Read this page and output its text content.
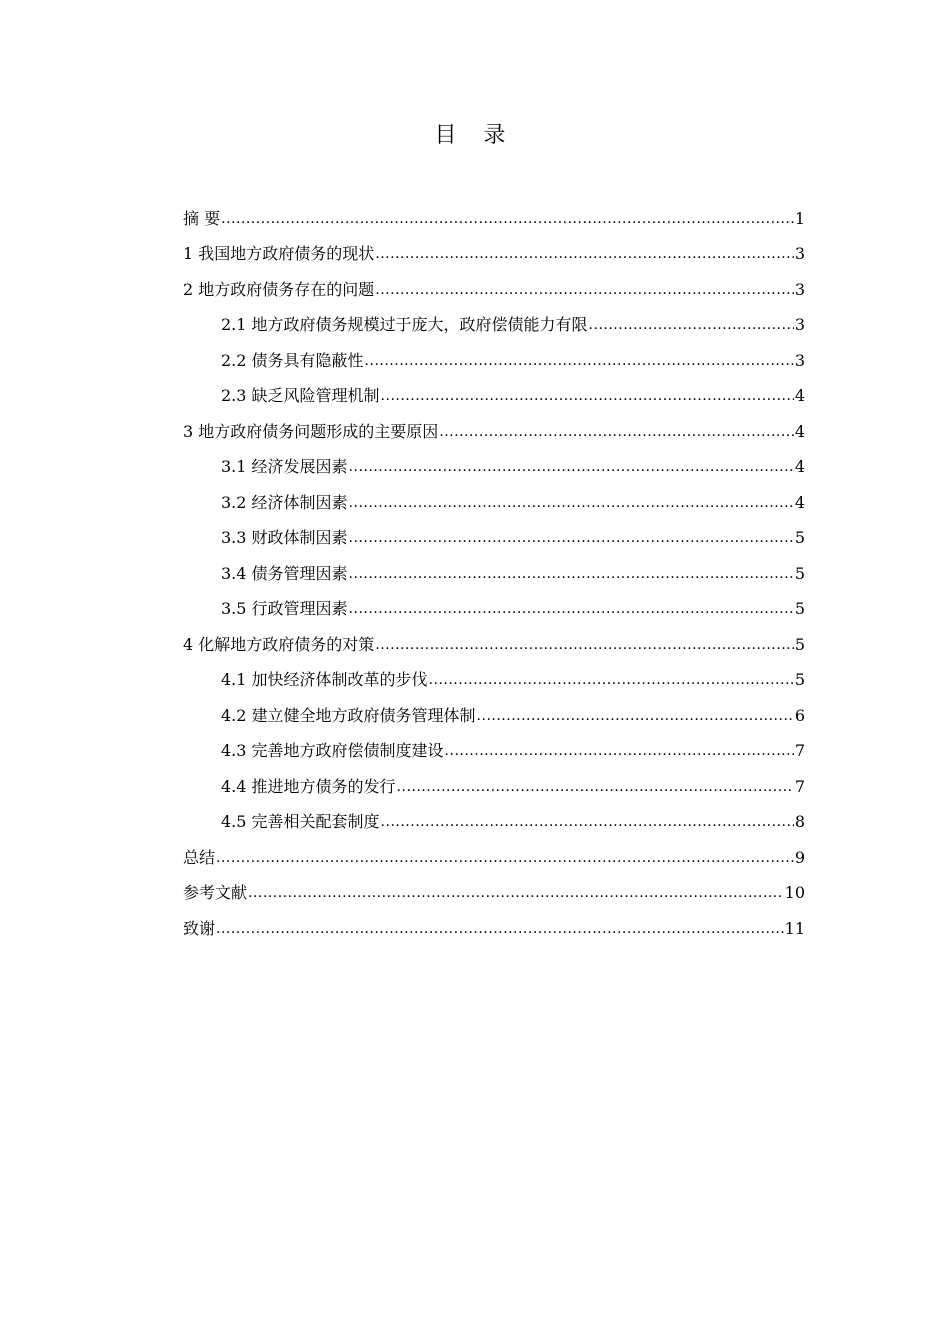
目 录
摘 要 .....	1
1 我国地方政府债务的现状 .....	3
2 地方政府债务存在的问题 .....	3
2.1 地方政府债务规模过于庞大，政府偿债能力有限 .....	3
2.2 债务具有隐蔽性 .....	3
2.3 缺乏风险管理机制 .....	4
3 地方政府债务问题形成的主要原因 .....	4
3.1 经济发展因素 .....	4
3.2 经济体制因素 .....	4
3.3 财政体制因素 .....	5
3.4 债务管理因素 .....	5
3.5 行政管理因素 .....	5
4 化解地方政府债务的对策 .....	5
4.1 加快经济体制改革的步伐 .....	5
4.2 建立健全地方政府债务管理体制 .....	6
4.3 完善地方政府偿债制度建设 .....	7
4.4 推进地方债务的发行 .....	7
4.5 完善相关配套制度 .....	8
总结 .....	9
参考文献 .....	10
致谢 .....	11
